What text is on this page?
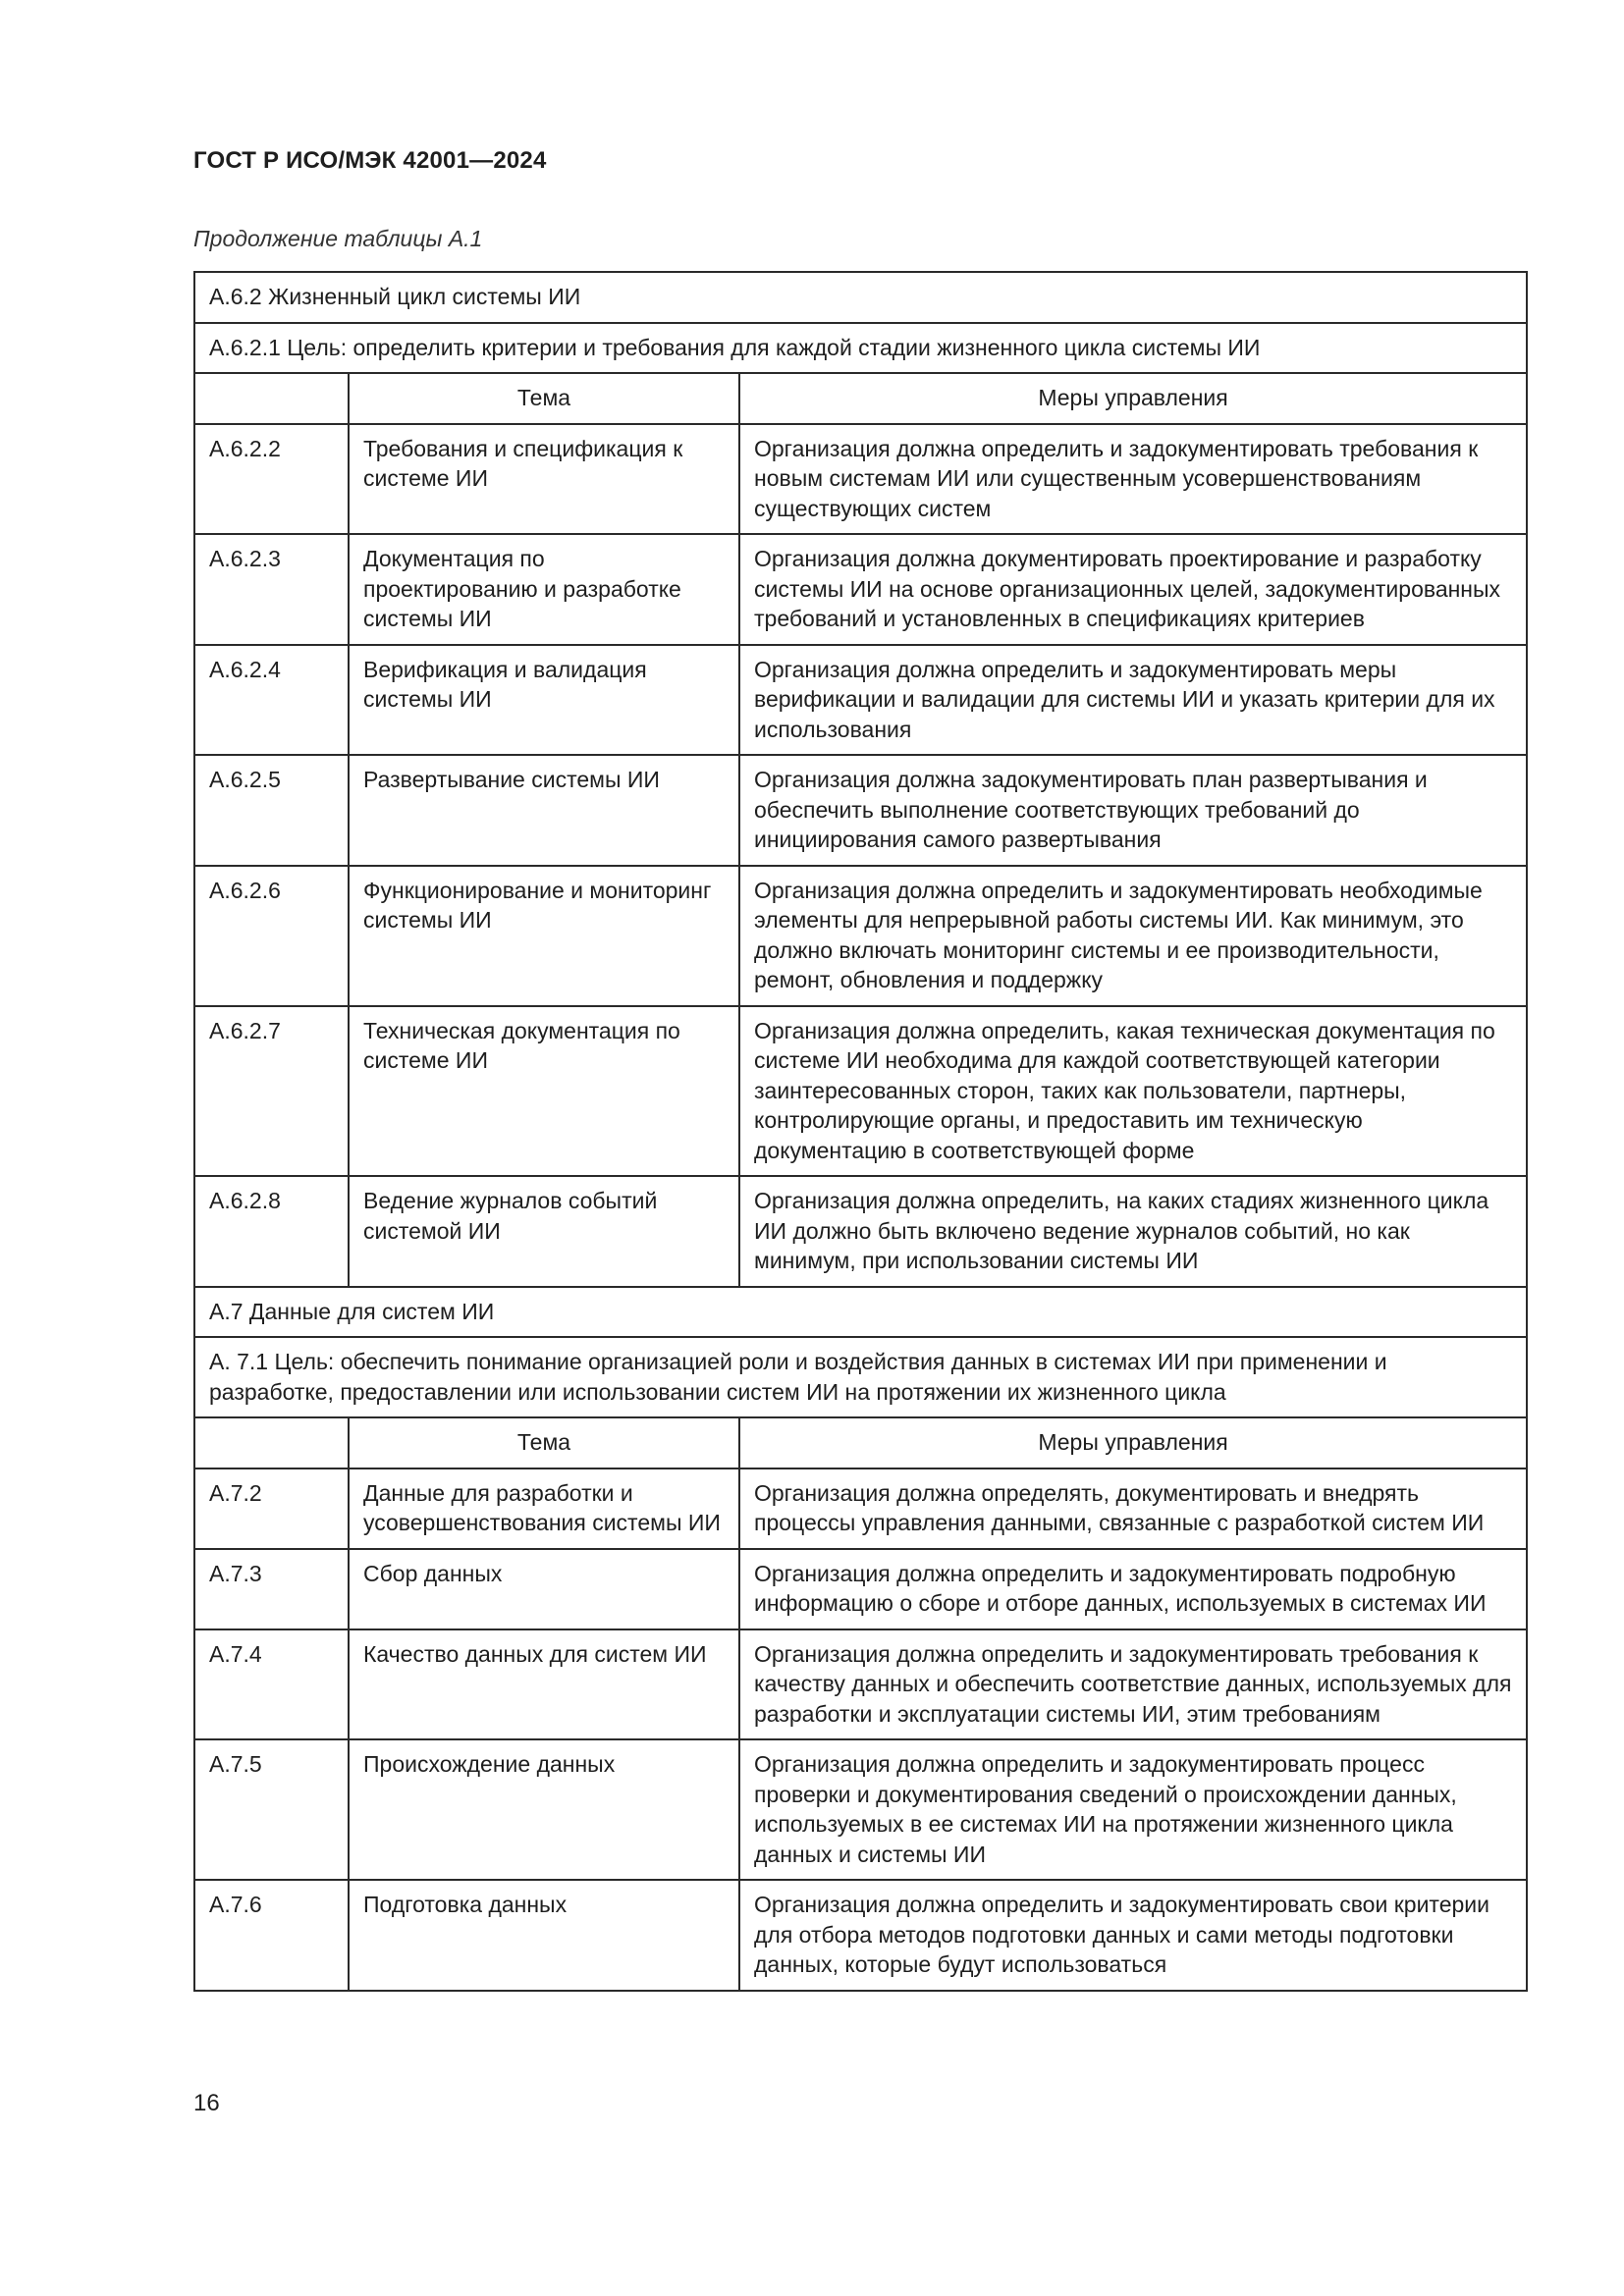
ГОСТ Р ИСО/МЭК 42001—2024
Продолжение таблицы А.1
А.6.2 Жизненный цикл системы ИИ		
А.6.2.1 Цель: определить критерии и требования для каждой стадии жизненного цикла системы ИИ		
	Тема	Меры управления
А.6.2.2	Требования и спецификация к системе ИИ	Организация должна определить и задокументировать требования к новым системам ИИ или существенным усовершенствованиям существующих систем
А.6.2.3	Документация по проектированию и разработке системы ИИ	Организация должна документировать проектирование и разработку системы ИИ на основе организационных целей, задокументированных требований и установленных в спецификациях критериев
А.6.2.4	Верификация и валидация системы ИИ	Организация должна определить и задокументировать меры верификации и валидации для системы ИИ и указать критерии для их использования
А.6.2.5	Развертывание системы ИИ	Организация должна задокументировать план развертывания и обеспечить выполнение соответствующих требований до инициирования самого развертывания
А.6.2.6	Функционирование и мониторинг системы ИИ	Организация должна определить и задокументировать необходимые элементы для непрерывной работы системы ИИ. Как минимум, это должно включать мониторинг системы и ее производительности, ремонт, обновления и поддержку
А.6.2.7	Техническая документация по системе ИИ	Организация должна определить, какая техническая документация по системе ИИ необходима для каждой соответствующей категории заинтересованных сторон, таких как пользователи, партнеры, контролирующие органы, и предоставить им техническую документацию в соответствующей форме
А.6.2.8	Ведение журналов событий системой ИИ	Организация должна определить, на каких стадиях жизненного цикла ИИ должно быть включено ведение журналов событий, но как минимум, при использовании системы ИИ
А.7 Данные для систем ИИ		
А. 7.1 Цель: обеспечить понимание организацией роли и воздействия данных в системах ИИ при применении и разработке, предоставлении или использовании систем ИИ на протяжении их жизненного цикла		
	Тема	Меры управления
А.7.2	Данные для разработки и усовершенствования системы ИИ	Организация должна определять, документировать и внедрять процессы управления данными, связанные с разработкой систем ИИ
А.7.3	Сбор данных	Организация должна определить и задокументировать подробную информацию о сборе и отборе данных, используемых в системах ИИ
А.7.4	Качество данных для систем ИИ	Организация должна определить и задокументировать требования к качеству данных и обеспечить соответствие данных, используемых для разработки и эксплуатации системы ИИ, этим требованиям
А.7.5	Происхождение данных	Организация должна определить и задокументировать процесс проверки и документирования сведений о происхождении данных, используемых в ее системах ИИ на протяжении жизненного цикла данных и системы ИИ
А.7.6	Подготовка данных	Организация должна определить и задокументировать свои критерии для отбора методов подготовки данных и сами методы подготовки данных, которые будут использоваться
16
